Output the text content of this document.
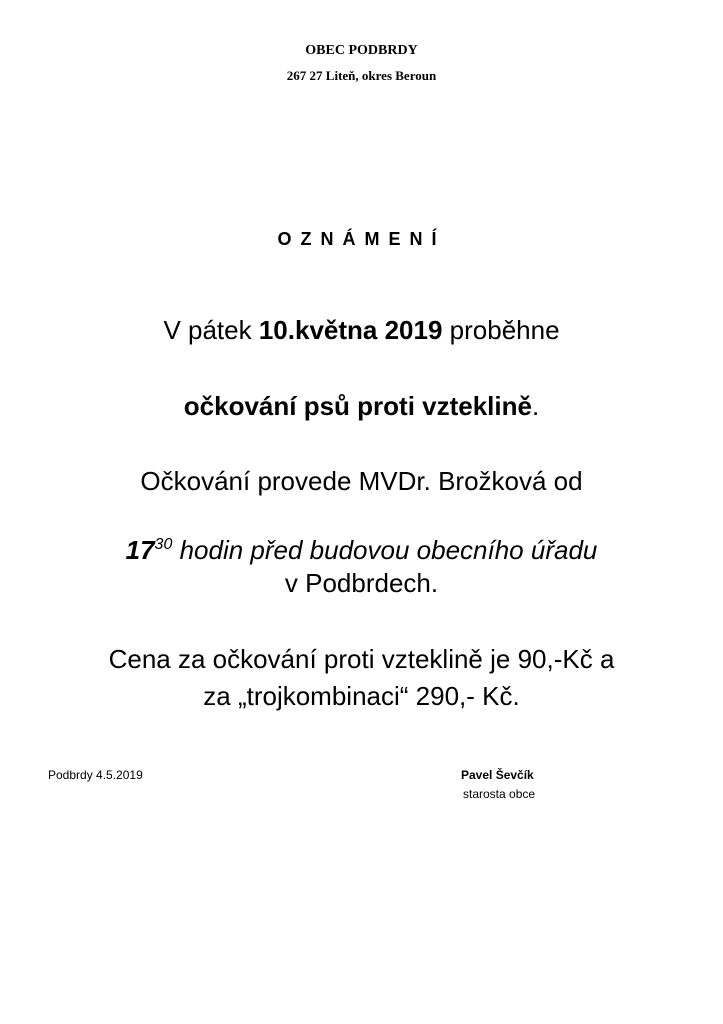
OBEC PODBRDY
267 27 Liteň, okres Beroun
OZNÁMENÍ
V pátek 10.května 2019 proběhne
očkování psů proti vzteklině.
Očkování provede MVDr. Brožková od
$17^{30}$ hodin před budovou obecního úřadu
v Podbrdech.
Cena za očkování proti vzteklině je 90,-Kč a
za „trojkombinaci“ 290,- Kč.
Podbrdy 4.5.2019	Pavel Ševčík
starosta obce
